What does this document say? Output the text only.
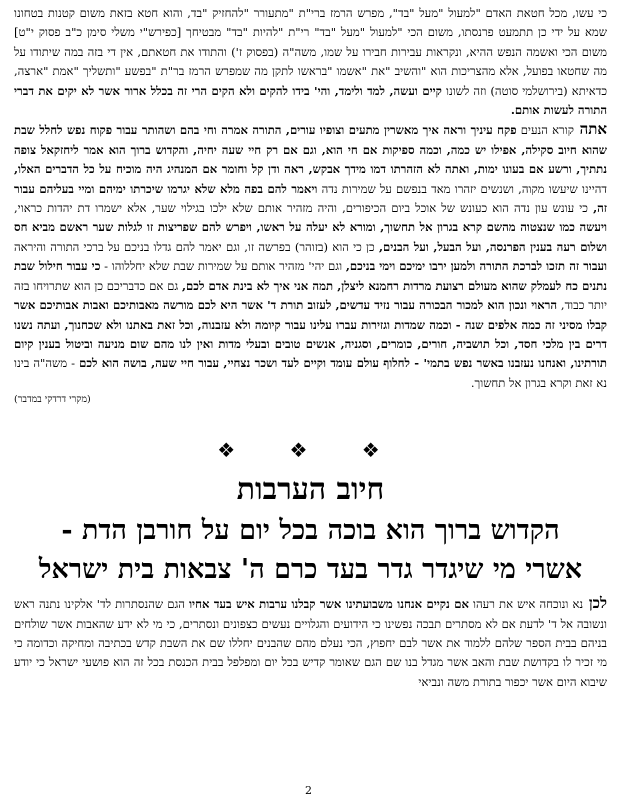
כי עשו, מכל חטאת האדם "למעול "מעל "בד", מפרש הרמז ברי"ת "מתעורר "להחזיק "בד, והוא חטא בזאת משום קטנות בטחונו שמא על ידי כן תתמעט פרנסתו, משום הכי "למעול "מעל "בד" רי"ת "להיות "בד" מבטיחך [כפירש"י משלי סימן כ"ב פסוק י"ט] משום הכי ואשמה הנפש ההיא, ונקראות עבירות חבירו על שמו, משה"ה (בפסוק ז') והתודו את חטאתם, אין די בזה במה שיתודו על מה שחטאו בפועל, אלא מהצריכות הוא "והשיב "את "אשמו "בראשו לתקן מה שמפרש הרמז בר"ת "בפשע "ותשליך "אמת "ארצה, כדאיתא (בירושלמי סוטה) וזה לשונו קיים ועשה, למד ולימד, והי' בידו להקים ולא הקים הרי זה בכלל ארור אשר לא יקים את דברי התורה לעשות אותם.

אתה קורא הנעים פקח עיניך וראה איך מאשרין מתעים וצופיו עורים, התורה אמרה וחי בהם ושהותר עבור פקוח נפש לחלל שבת שהוא חיוב סקילה, אפילו יש כמה, וכמה ספיקות אם חי הוא, וגם אם רק חיי שעה יחיה, והקדוש ברוך הוא אמר ליחזקאל צופה נתתיך, ורשע אם בעונו ימות, ואתה לא הזהרתו דמו מידך אבקש, ראה ודן קל וחומר אם המנהיג היה מוכיח על כל הדברים האלו, דהיינו שיעשו מקוה, ושנשים יזהרו מאד בנפשם על שמירות נדה ויאמר להם בפה מלא שלא יגרמו שיכרתו ימיהם ומיי בעליהם עבור זה, כי עונש עון נדה הוא כעונש של אוכל ביום הכיפורים, והיה מזהיר אותם שלא ילכו בגילוי שער, אלא ישמרו דת יהדות כראוי, ויעשה כמו שנצטוה מהשם קרא בגרון אל תחשוך, ומורא לא יעלה על ראשו, ויפרש להם שפריצות זו לגלות שער ראשם מביא חס ושלום רעה בענין הפרנסה, ועל הבעל, ועל הבנים, כן כי הוא (בזוהר) בפרשה זו, וגם יאמר להם גדלו בניכם על ברכי התורה והיראה ועבור זה תזכו לברכת התורה ולמען ירבו ימיכם וימי בניכם, וגם יהי' מזהיר אותם על שמירות שבת שלא יחללוהו - כי עבור חילול שבת נתנים כח לעמלק שהוא מעולם רצועת מרדות רחמנא ליצלן, תמה אני איך לא בינת אדם לכם, גם אם כדבריכם כן הוא שתרויחו בזה יותר כבוד, הראוי ונכון הוא למכור הבכורה עבור נזיד עדשים, לעזוב תורת ד' אשר היא לכם מורשה מאבותיכם ואבות אבותיכם אשר קבלו מסיני זה כמה אלפים שנה - וכמה שמדות וגזירות עברו עלינו עבור קיומה ולא עזבנוה, וכל זאת באתנו ולא שכחנוך, ועתה נשנו דרים בין מלכי חסד, וכל תושביה, חורים, כומרים, וסגניה, אנשים טובים ובעלי מדות ואין לנו מהם שום מניעה וביטול בענין קיום תורתינו, ואנחנו נעזבנו באשר נפש בתמי' - לחלוף עולם עומד וקיים לעד ושכר נצחיי, עבור חיי שעה, בושה הוא לכם - משה"ה בינו נא זאת וקרא בגרון אל תחשוך.

(מקרי דרדקי במדבר)
❖ ❖ ❖
חיוב הערבות
הקדוש ברוך הוא בוכה בכל יום על חורבן הדת -
אשרי מי שיגדר גדר בעד כרם ה' צבאות בית ישראל

לכן נא ונוכחה איש את רעהו אם נקיים אנחנו משבועתינו אשר קבלנו ערבות איש בעד אחיו הגם שהנסתרות לד' אלקינו נתנה ראש ונשובה אל ד' לדעת אם לא מסתרים תבכה נפשינו כי הידועים והגלויים נעשים כצפונים ונסתרים, כי מי לא ידע שהאבות אשר שולחים בניהם בבית הספר שלהם ללמוד את אשר לבם יחפוץ, הכי נעלם מהם שהבנים יחללו שם את השבת קדש בכתיבה ומחיקה וכדומה כי מי זכיר לו בקדושת שבת והאב אשר מגדל בנו שם הגם שאומר קדיש בכל יום ומפלפל בבית הכנסת בכל זה הוא פושעי ישראל כי יודע שיבוא היום אשר יכפור בתורת משה ונביאי

2
